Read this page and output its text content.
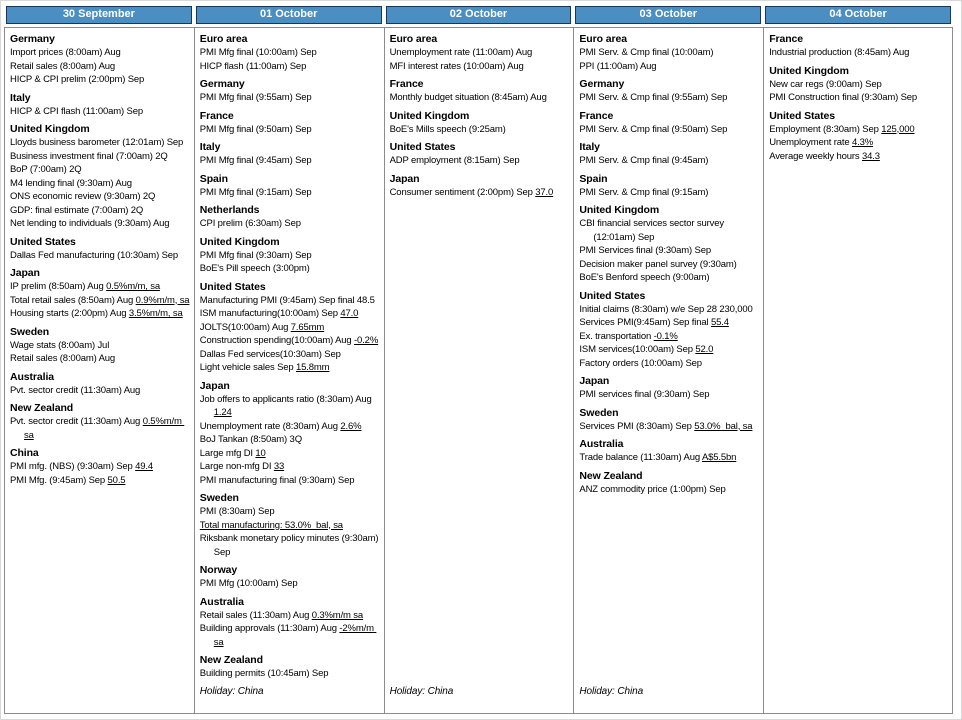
30 September
Germany
Import prices (8:00am) Aug
Retail sales (8:00am) Aug
HICP & CPI prelim (2:00pm) Sep
Italy
HICP & CPI flash (11:00am) Sep
United Kingdom
Lloyds business barometer (12:01am) Sep
Business investment final (7:00am) 2Q
BoP (7:00am) 2Q
M4 lending final (9:30am) Aug
ONS economic review (9:30am) 2Q
GDP: final estimate (7:00am) 2Q
Net lending to individuals (9:30am) Aug
United States
Dallas Fed manufacturing (10:30am) Sep
Japan
IP prelim (8:50am) Aug 0.5%m/m, sa
Total retail sales (8:50am) Aug 0.9%m/m, sa
Housing starts (2:00pm) Aug 3.5%m/m, sa
Sweden
Wage stats (8:00am) Jul
Retail sales (8:00am) Aug
Australia
Pvt. sector credit (11:30am) Aug
New Zealand
Pvt. sector credit (11:30am) Aug 0.5%m/m sa
China
PMI mfg. (NBS) (9:30am) Sep 49.4
PMI Mfg. (9:45am) Sep 50.5
01 October
Euro area
PMI Mfg final (10:00am) Sep
HICP flash (11:00am) Sep
Germany
PMI Mfg final (9:55am) Sep
France
PMI Mfg final (9:50am) Sep
Italy
PMI Mfg final (9:45am) Sep
Spain
PMI Mfg final (9:15am) Sep
Netherlands
CPI prelim (6:30am) Sep
United Kingdom
PMI Mfg final (9:30am) Sep
BoE's Pill speech (3:00pm)
United States
Manufacturing PMI (9:45am) Sep final 48.5
ISM manufacturing(10:00am) Sep 47.0
JOLTS(10:00am) Aug 7.65mm
Construction spending(10:00am) Aug -0.2%
Dallas Fed services(10:30am) Sep
Light vehicle sales Sep 15.8mm
Japan
Job offers to applicants ratio (8:30am) Aug 1.24
Unemployment rate (8:30am) Aug 2.6%
BoJ Tankan (8:50am) 3Q
Large mfg DI 10
Large non-mfg DI 33
PMI manufacturing final (9:30am) Sep
Sweden
PMI (8:30am) Sep
Total manufacturing: 53.0%  bal, sa
Riksbank monetary policy minutes (9:30am) Sep
Norway
PMI Mfg (10:00am) Sep
Australia
Retail sales (11:30am) Aug 0.3%m/m sa
Building approvals (11:30am) Aug -2%m/m sa
New Zealand
Building permits (10:45am) Sep
Holiday: China
02 October
Euro area
Unemployment rate (11:00am) Aug
MFI interest rates (10:00am) Aug
France
Monthly budget situation (8:45am) Aug
United Kingdom
BoE's Mills speech (9:25am)
United States
ADP employment (8:15am) Sep
Japan
Consumer sentiment (2:00pm) Sep 37.0
Holiday: China
03 October
Euro area
PMI Serv. & Cmp final (10:00am)
PPI (11:00am) Aug
Germany
PMI Serv. & Cmp final (9:55am) Sep
France
PMI Serv. & Cmp final (9:50am) Sep
Italy
PMI Serv. & Cmp final (9:45am)
Spain
PMI Serv. & Cmp final (9:15am)
United Kingdom
CBI financial services sector survey (12:01am) Sep
PMI Services final (9:30am) Sep
Decision maker panel survey (9:30am)
BoE's Benford speech (9:00am)
United States
Initial claims (8:30am) w/e Sep 28 230,000
Services PMI(9:45am) Sep final 55.4
Ex. transportation -0.1%
ISM services(10:00am) Sep 52.0
Factory orders (10:00am) Sep
Japan
PMI services final (9:30am) Sep
Sweden
Services PMI (8:30am) Sep 53.0%  bal, sa
Australia
Trade balance (11:30am) Aug A$5.5bn
New Zealand
ANZ commodity price (1:00pm) Sep
Holiday: China
04 October
France
Industrial production (8:45am) Aug
United Kingdom
New car regs (9:00am) Sep
PMI Construction final (9:30am) Sep
United States
Employment (8:30am) Sep 125,000
Unemployment rate 4.3%
Average weekly hours 34.3
